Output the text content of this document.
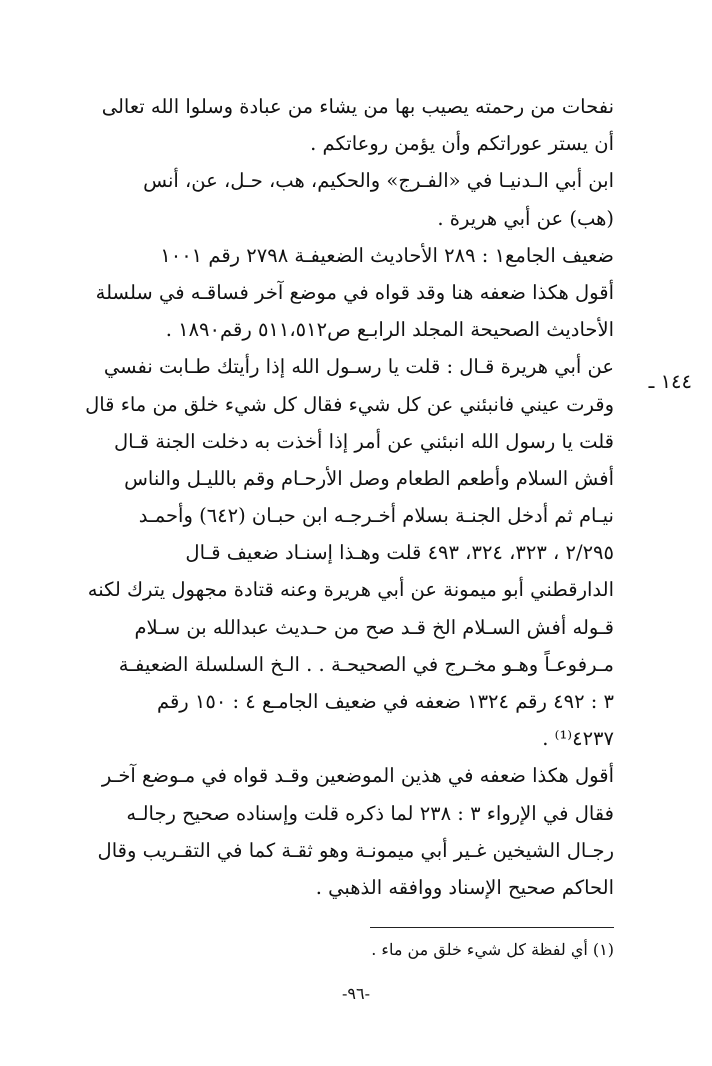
نفحات من رحمته يصيب بها من يشاء من عبادة وسلوا الله تعالى
أن يستر عوراتكم وأن يؤمن روعاتكم .
ابن أبي الـدنيـا في «الفـرج» والحكيم، هب، حـل، عن، أنس
(هب) عن أبي هريرة .
ضعيف الجامع١ : ٢٨٩ الأحاديث الضعيفـة ٢٧٩٨ رقم ١٠٠١
أقول هكذا ضعفه هنا وقد قواه في موضع آخر فساقـه في سلسلة
الأحاديث الصحيحة المجلد الرابـع ص٥١١،٥١٢ رقم١٨٩٠ .
عن أبي هريرة قـال : قلت يا رسـول الله إذا رأيتك طـابت نفسي
وقرت عيني فانبئني عن كل شيء فقال كل شيء خلق من ماء قال
قلت يا رسول الله انبئني عن أمر إذا أخذت به دخلت الجنة قـال
أفش السلام وأطعم الطعام وصل الأرحـام وقم بالليـل والناس
نيـام ثم أدخل الجنـة بسلام أخـرجـه ابن حبـان (٦٤٢) وأحمـد
٢/٢٩٥ ، ٣٢٣، ٣٢٤، ٤٩٣ قلت وهـذا إسنـاد ضعيف قـال
الدارقطني أبو ميمونة عن أبي هريرة وعنه قتادة مجهول يترك لكنه
قـوله أفش السـلام الخ قـد صح من حـديث عبدالله بن سـلام
مـرفوعـاً وهـو مخـرج في الصحيحـة . . الـخ السلسلة الضعيفـة
٣ : ٤٩٢ رقم ١٣٢٤ ضعفه في ضعيف الجامـع ٤ : ١٥٠ رقم
٤٢٣٧⁽¹⁾ .
أقول هكذا ضعفه في هذين الموضعين وقـد قواه في مـوضع آخـر
فقال في الإرواء ٣ : ٢٣٨ لما ذكره قلت وإسناده صحيح رجالـه
رجـال الشيخين غـير أبي ميمونـة وهو ثقـة كما في التقـريب وقال
الحاكم صحيح الإسناد ووافقه الذهبي .
١٤٤ ـ
(١) أي لفظة كل شيء خلق من ماء .
-٩٦-
